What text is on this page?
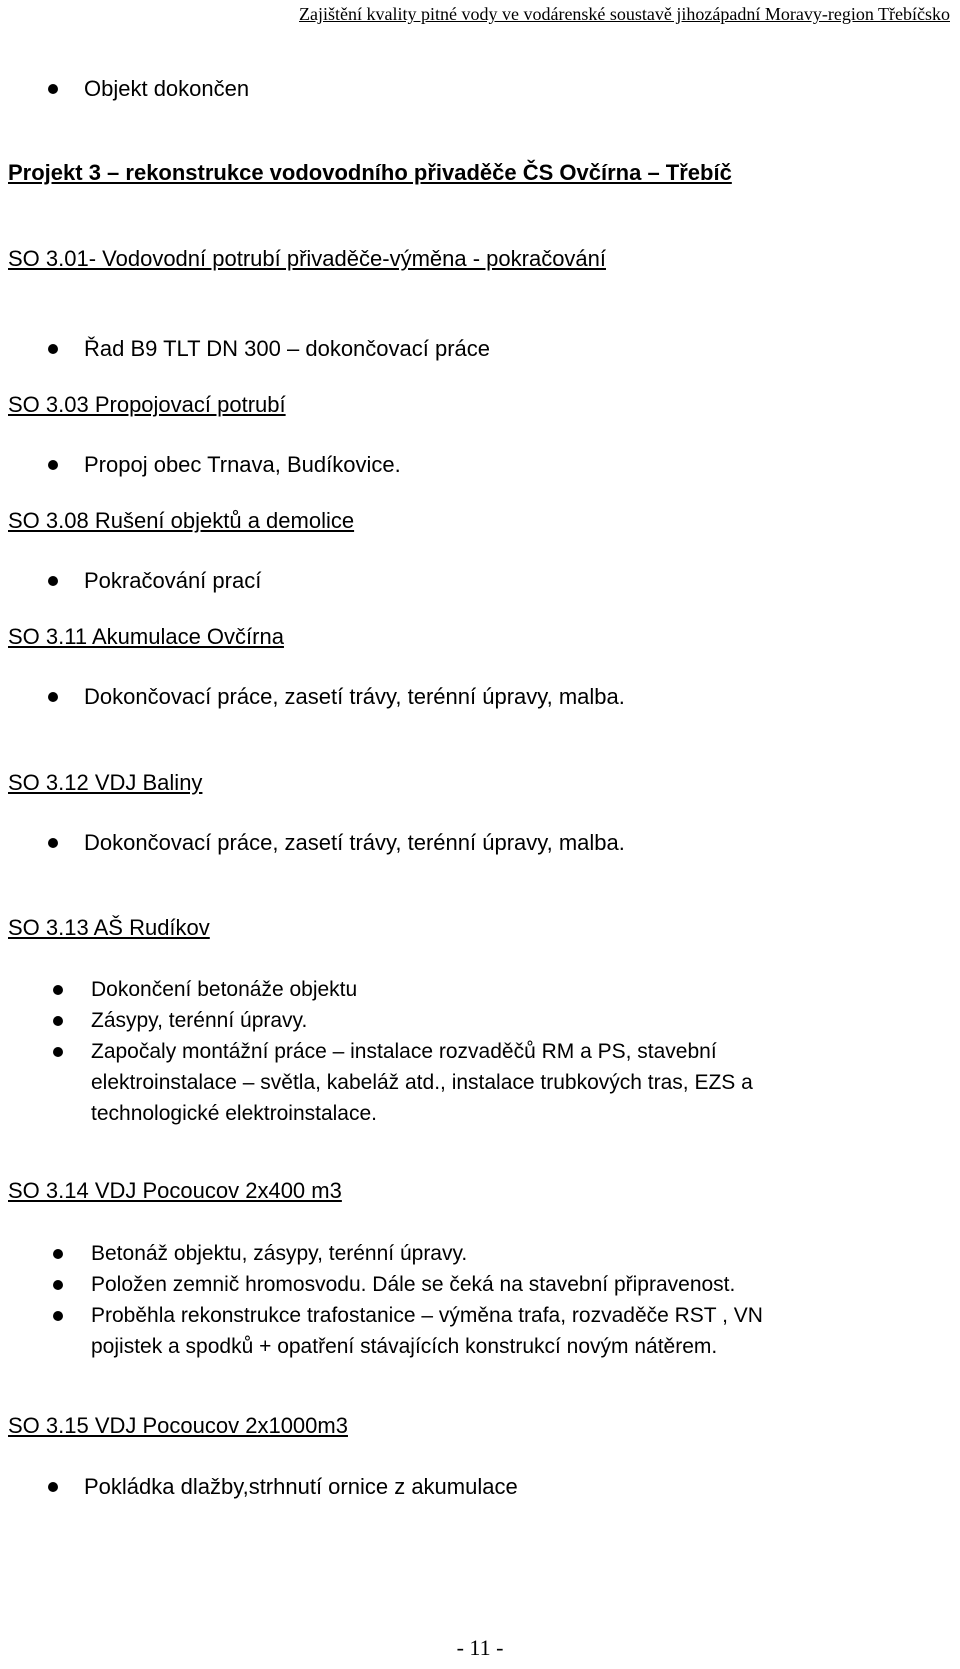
Zajištění kvality pitné vody ve vodárenské soustavě jihozápadní Moravy-region Třebíčsko
Objekt dokončen
Projekt 3 – rekonstrukce vodovodního přivaděče ČS Ovčírna – Třebíč
SO 3.01- Vodovodní potrubí přivaděče-výměna - pokračování
Řad B9 TLT DN 300 – dokončovací práce
SO 3.03 Propojovací potrubí
Propoj obec Trnava, Budíkovice.
SO 3.08 Rušení objektů a demolice
Pokračování prací
SO 3.11 Akumulace Ovčírna
Dokončovací práce, zasetí trávy, terénní úpravy, malba.
SO 3.12 VDJ Baliny
Dokončovací práce, zasetí trávy, terénní úpravy, malba.
SO 3.13 AŠ Rudíkov
Dokončení betonáže objektu
Zásypy, terénní úpravy.
Započaly montážní práce – instalace rozvaděčů RM a PS, stavební
elektroinstalace – světla, kabeláž atd., instalace trubkových tras, EZS a
technologické elektroinstalace.
SO 3.14 VDJ Pocoucov 2x400 m3
Betonáž objektu, zásypy, terénní úpravy.
Položen zemnič hromosvodu. Dále se čeká na stavební připravenost.
Proběhla rekonstrukce trafostanice – výměna trafa, rozvaděče RST , VN
pojistek a spodků + opatření stávajících konstrukcí novým nátěrem.
SO 3.15 VDJ Pocoucov 2x1000m3
Pokládka dlažby,strhnutí ornice z akumulace
- 11 -
